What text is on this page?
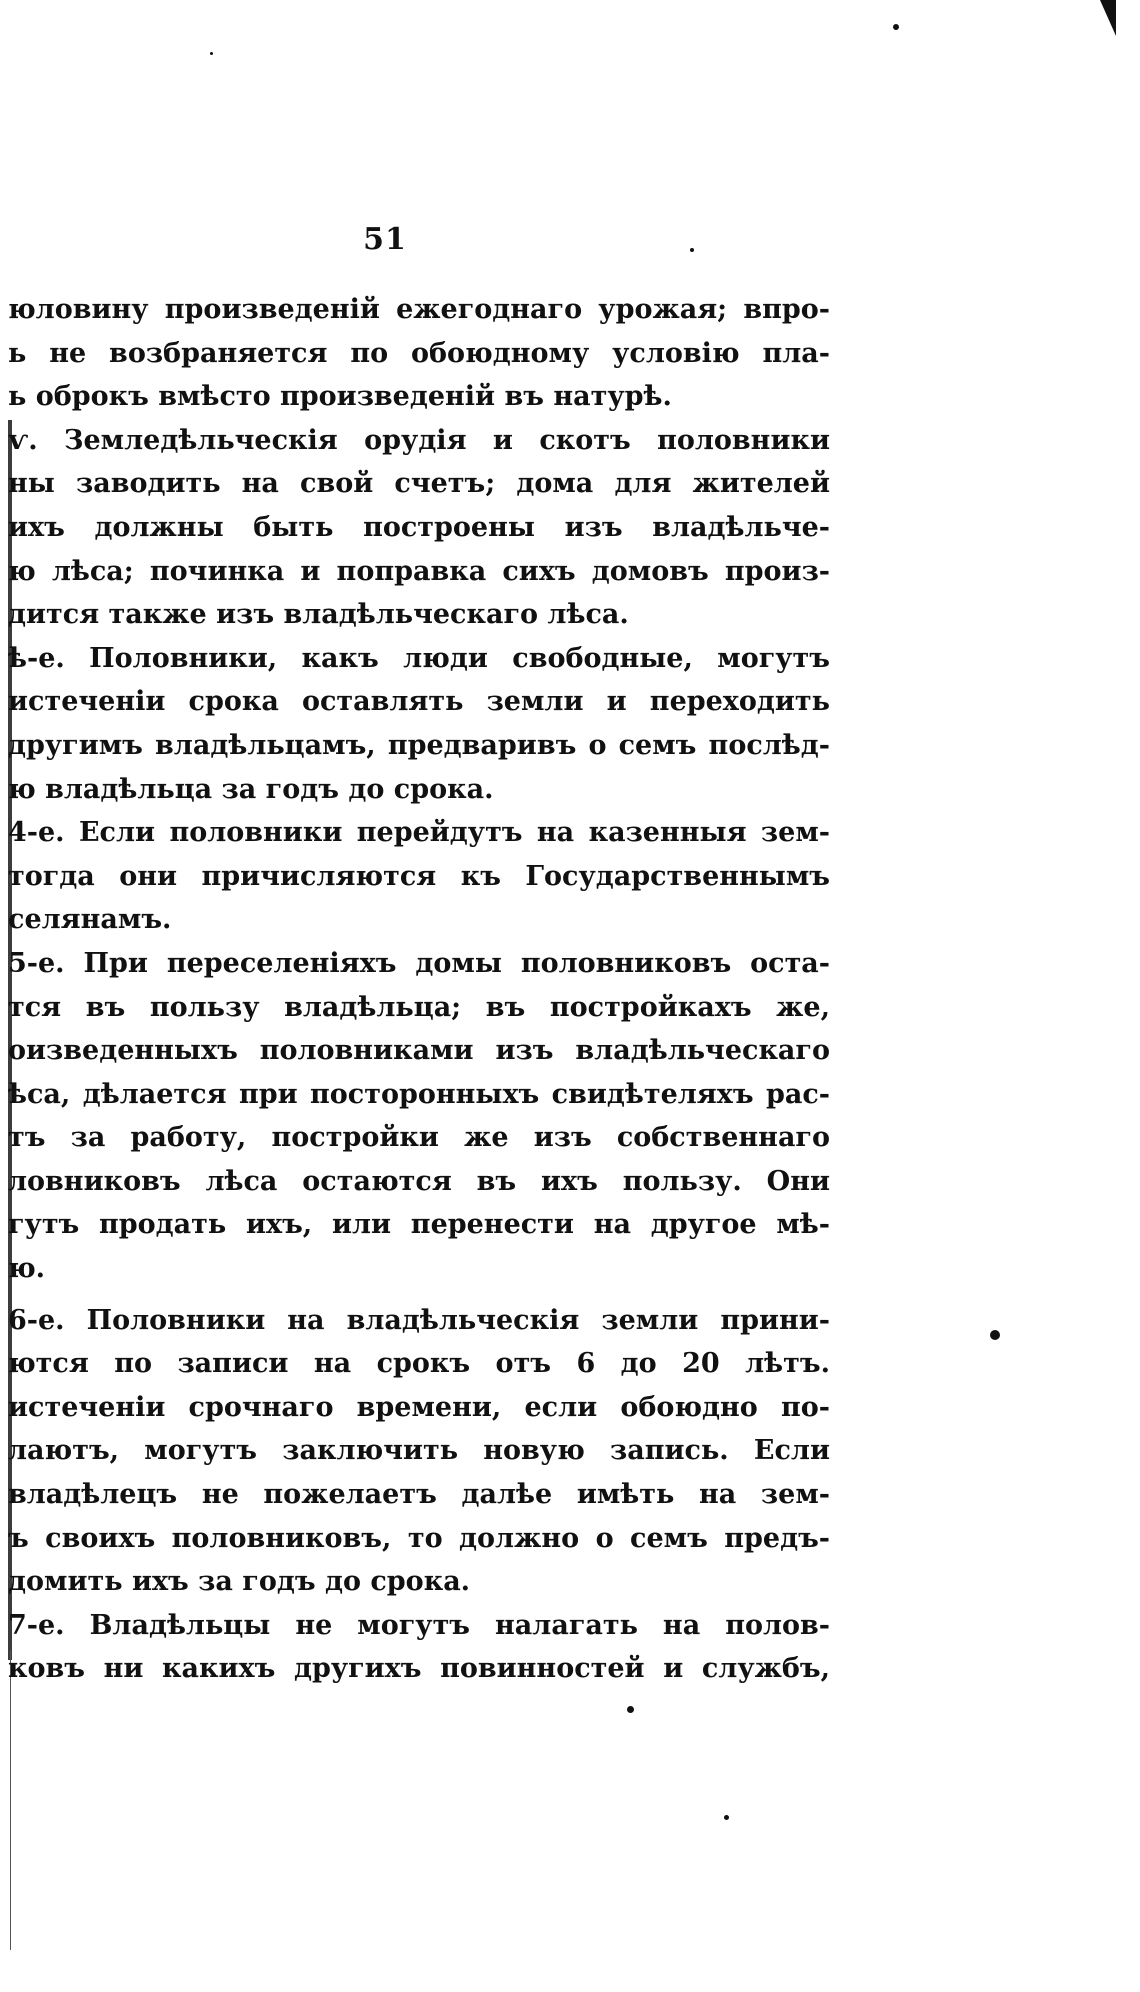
51
юловину произведеній ежегоднаго урожая; впро-
ь не возбраняется по обоюдному условію пла-
ь оброкъ вмѣсто произведеній въ натурѣ.
ѵ. Земледѣльческія орудія и скотъ половники
ны заводить на свой счетъ; дома для жителей
ихъ должны быть построены изъ владѣльче-
ю лѣса; починка и поправка сихъ домовъ произ-
дится также изъ владѣльческаго лѣса.
ѣ-е. Половники, какъ люди свободные, могутъ
истеченіи срока оставлять земли и переходить
другимъ владѣльцамъ, предваривъ о семъ послѣд-
ю владѣльца за годъ до срока.
4-е. Если половники перейдутъ на казенныя зем-
тогда они причисляются къ Государственнымъ
селянамъ.
5-е. При переселеніяхъ домы половниковъ оста-
тся въ пользу владѣльца; въ постройкахъ же,
оизведенныхъ половниками изъ владѣльческаго
ѣса, дѣлается при посторонныхъ свидѣтеляхъ рас-
тъ за работу, постройки же изъ собственнаго
ловниковъ лѣса остаются въ ихъ пользу. Они
гутъ продать ихъ, или перенести на другое мѣ-
ю.
6-е. Половники на владѣльческія земли прини-
ются по записи на срокъ отъ 6 до 20 лѣтъ.
истеченіи срочнаго времени, если обоюдно по-
лаютъ, могутъ заключить новую запись. Если
владѣлецъ не пожелаетъ далѣе имѣть на зем-
ъ своихъ половниковъ, то должно о семъ предъ-
домить ихъ за годъ до срока.
7-е. Владѣльцы не могутъ налагать на полов-
ковъ ни какихъ другихъ повинностей и службъ,
